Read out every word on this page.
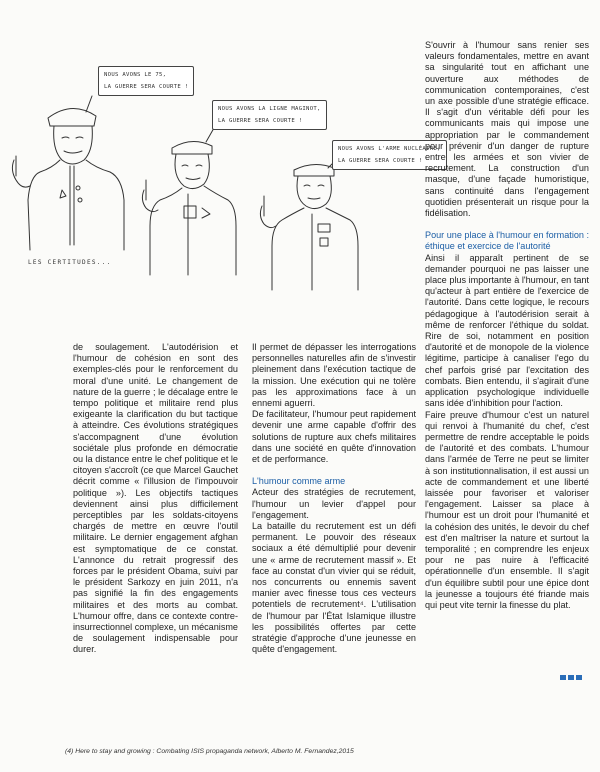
NOUS AVONS LE 75,
LA GUERRE SERA COURTE !
NOUS AVONS LA LIGNE MAGINOT,
LA GUERRE SERA COURTE !
NOUS AVONS L'ARME NUCLÉAIRE,
LA GUERRE SERA COURTE !
LES CERTITUDES...

de soulagement. L'autodérision et l'humour de cohésion en sont des exemples-clés pour le renforcement du moral d'une unité. Le changement de nature de la guerre ; le décalage entre le tempo politique et militaire rend plus exigeante la clarification du but tactique à atteindre. Ces évolutions stratégiques s'accompagnent d'une évolution sociétale plus profonde en démocratie ou la distance entre le chef politique et le citoyen s'accroît (ce que Marcel Gauchet décrit comme « l'illusion de l'impouvoir politique »). Les objectifs tactiques deviennent ainsi plus difficilement perceptibles par les soldats-citoyens chargés de mettre en œuvre l'outil militaire. Le dernier engagement afghan est symptomatique de ce constat. L'annonce du retrait progressif des forces par le président Obama, suivi par le président Sarkozy en juin 2011, n'a pas signifié la fin des engagements militaires et des morts au combat. L'humour offre, dans ce contexte contre-insurrectionnel complexe, un mécanisme de soulagement indispensable pour durer.

Il permet de dépasser les interrogations personnelles naturelles afin de s'investir pleinement dans l'exécution tactique de la mission. Une exécution qui ne tolère pas les approximations face à un ennemi aguerri.

De facilitateur, l'humour peut rapidement devenir une arme capable d'offrir des solutions de rupture aux chefs militaires dans une société en quête d'innovation et de performance.

L'humour comme arme

Acteur des stratégies de recrutement, l'humour un levier d'appel pour l'engagement.

La bataille du recrutement est un défi permanent. Le pouvoir des réseaux sociaux a été démultiplié pour devenir une « arme de recrutement massif ». Et face au constat d'un vivier qui se réduit, nos concurrents ou ennemis savent manier avec finesse tous ces vecteurs potentiels de recrutement⁴. L'utilisation de l'humour par l'État Islamique illustre les possibilités offertes par cette stratégie d'approche d'une jeunesse en quête d'engagement.

S'ouvrir à l'humour sans renier ses valeurs fondamentales, mettre en avant sa singularité tout en affichant une ouverture aux méthodes de communication contemporaines, c'est un axe possible d'une stratégie efficace. Il s'agit d'un véritable défi pour les communicants mais qui impose une appropriation par le commandement pour prévenir d'un danger de rupture entre les armées et son vivier de recrutement. La construction d'un masque, d'une façade humoristique, sans continuité dans l'engagement quotidien présenterait un risque pour la fidélisation.

Pour une place à l'humour en formation :

éthique et exercice de l'autorité

Ainsi il apparaît pertinent de se demander pourquoi ne pas laisser une place plus importante à l'humour, en tant qu'acteur à part entière de l'exercice de l'autorité. Dans cette logique, le recours pédagogique à l'autodérision serait à même de renforcer l'éthique du soldat. Rire de soi, notamment en position d'autorité et de monopole de la violence légitime, participe à canaliser l'ego du chef parfois grisé par l'excitation des combats. Bien entendu, il s'agirait d'une application psychologique individuelle sans idée d'inhibition pour l'action.

Faire preuve d'humour c'est un naturel qui renvoi à l'humanité du chef, c'est permettre de rendre acceptable le poids de l'autorité et des combats. L'humour dans l'armée de Terre ne peut se limiter à son institutionnalisation, il est aussi un acte de commandement et une liberté laissée pour favoriser et valoriser l'engagement. Laisser sa place à l'humour est un droit pour l'humanité et la cohésion des unités, le devoir du chef est d'en maîtriser la nature et surtout la temporalité ; en comprendre les enjeux pour ne pas nuire à l'efficacité opérationnelle d'un ensemble. Il s'agit d'un équilibre subtil pour une épice dont la jeunesse a toujours été friande mais qui peut vite ternir la finesse du plat.

(4) Here to stay and growing : Combating ISIS propaganda network, Alberto M. Fernandez,2015
